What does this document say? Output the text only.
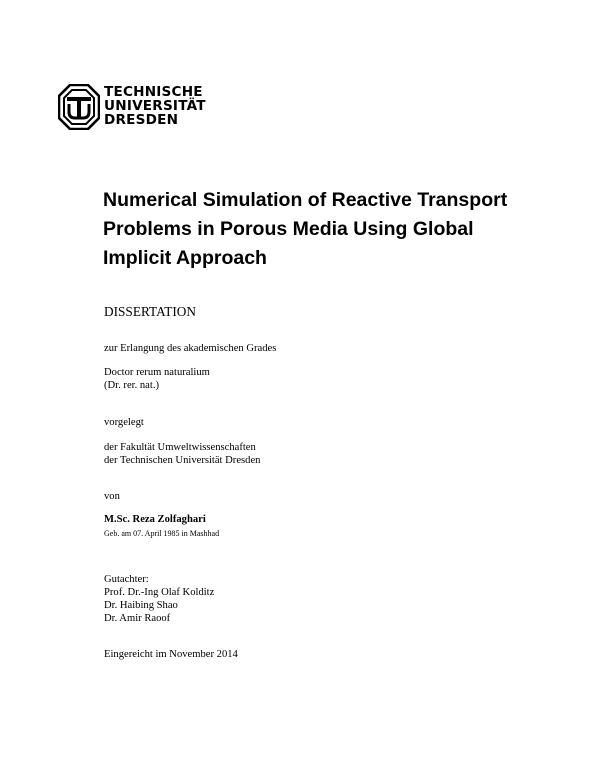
TECHNISCHE
UNIVERSITÄT
DRESDEN
Numerical Simulation of Reactive Transport
Problems in Porous Media Using Global
Implicit Approach
DISSERTATION
zur Erlangung des akademischen Grades
Doctor rerum naturalium
(Dr. rer. nat.)
vorgelegt
der Fakultät Umweltwissenschaften
der Technischen Universität Dresden
von
M.Sc. Reza Zolfaghari
Geb. am 07. April 1985 in Mashhad
Gutachter:
Prof. Dr.-Ing Olaf Kolditz
Dr. Haibing Shao
Dr. Amir Raoof
Eingereicht im November 2014
